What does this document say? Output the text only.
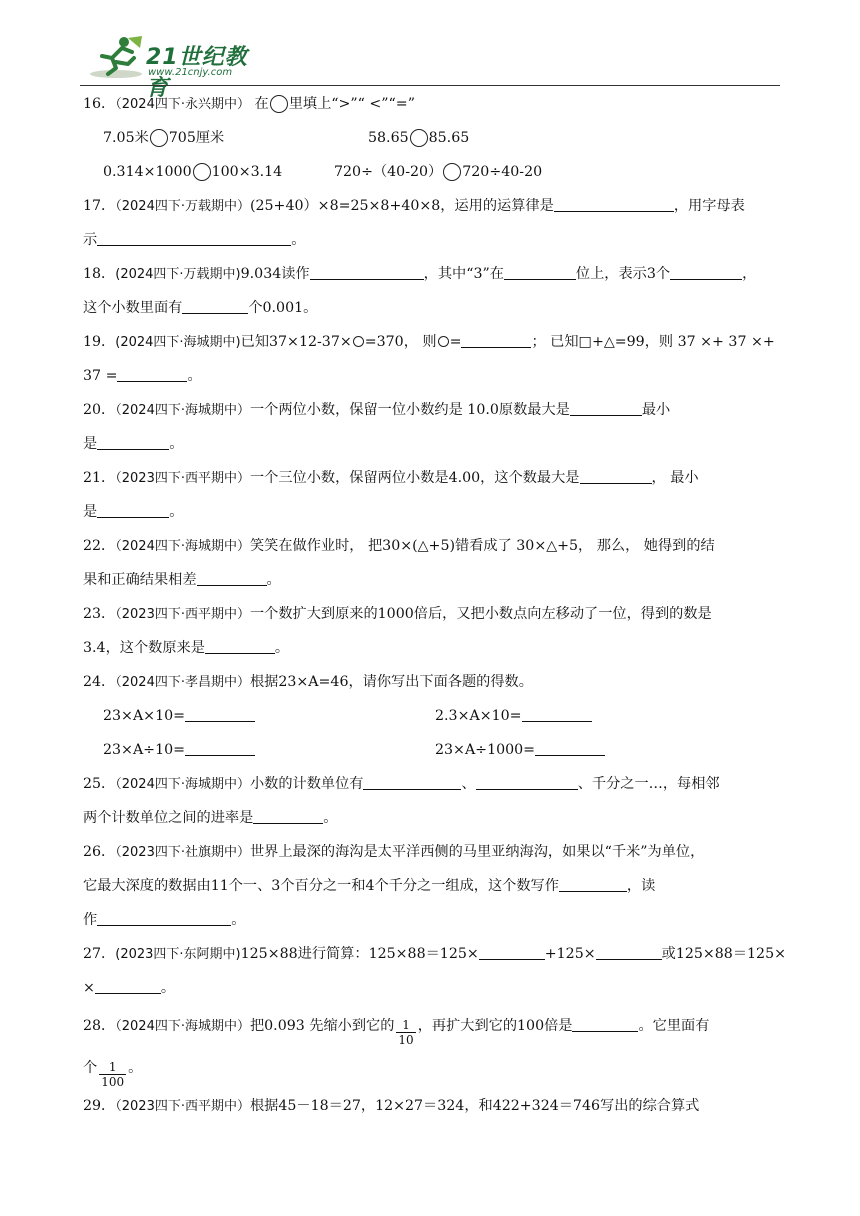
21世纪教育
www.21cnjy.com
16．（2024四下·永兴期中） 在 里填上“>”“ <”“=”
7.05米 705厘米	58.65 85.65
0.314×1000 100×3.14	720÷（40-20） 720÷40-20
17．（2024四下·万载期中）(25+40）×8=25×8+40×8，运用的运算律是	，用字母表
示	。
18．(2024四下·万载期中)9.034读作	，其中“3”在	位上，表示3个	，
这个小数里面有	个0.001。
19．(2024四下·海城期中)已知37×12-37× =370， 则 =	； 已知□+△=99，则 37 ×+ 37 ×+
37 =	。
20．（2024四下·海城期中）一个两位小数，保留一位小数约是 10.0原数最大是	最小
是	。
21．（2023四下·西平期中）一个三位小数，保留两位小数是4.00，这个数最大是	， 最小
是	。
22．（2024四下·海城期中）笑笑在做作业时， 把30×(△+5)错看成了 30×△+5， 那么， 她得到的结
果和正确结果相差	。
23．（2023四下·西平期中）一个数扩大到原来的1000倍后，又把小数点向左移动了一位，得到的数是
3.4，这个数原来是	。
24．（2024四下·孝昌期中）根据23×A=46，请你写出下面各题的得数。
23×A×10=	2.3×A×10=
23×A÷10=	23×A÷1000=
25．（2024四下·海城期中）小数的计数单位有	、	、千分之一…，每相邻
两个计数单位之间的进率是	。
26．（2023四下·社旗期中）世界上最深的海沟是太平洋西侧的马里亚纳海沟，如果以“千米”为单位，
它最大深度的数据由11个一、3个百分之一和4个千分之一组成，这个数写作	，读
作	。
27．(2023四下·东阿期中)125×88进行简算：125×88＝125×	+125×	或125×88＝125×
×	。
28．（2024四下·海城期中）把0.093 先缩小到它的 $\frac{1}{10}$ ，再扩大到它的100倍是	。它里面有
个 $\frac{1}{100}$ 。
29．（2023四下·西平期中）根据45－18＝27，12×27＝324，和422+324＝746写出的综合算式
